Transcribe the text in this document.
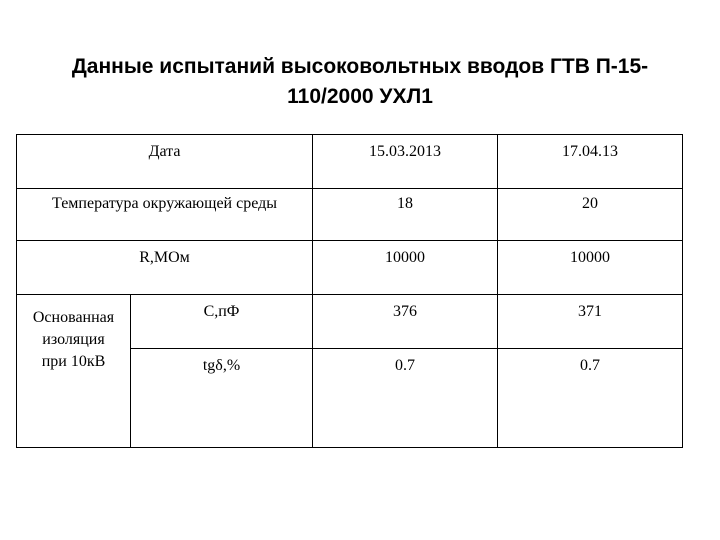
Данные испытаний высоковольтных вводов ГТВ П-15-
110/2000 УХЛ1
Дата		15.03.2013	17.04.13
Температура окружающей среды		18	20
R,МОм		10000	10000

Основанная
изоляция
при 10кВ	С,пФ	376	371
	tgδ,%	0.7	0.7
